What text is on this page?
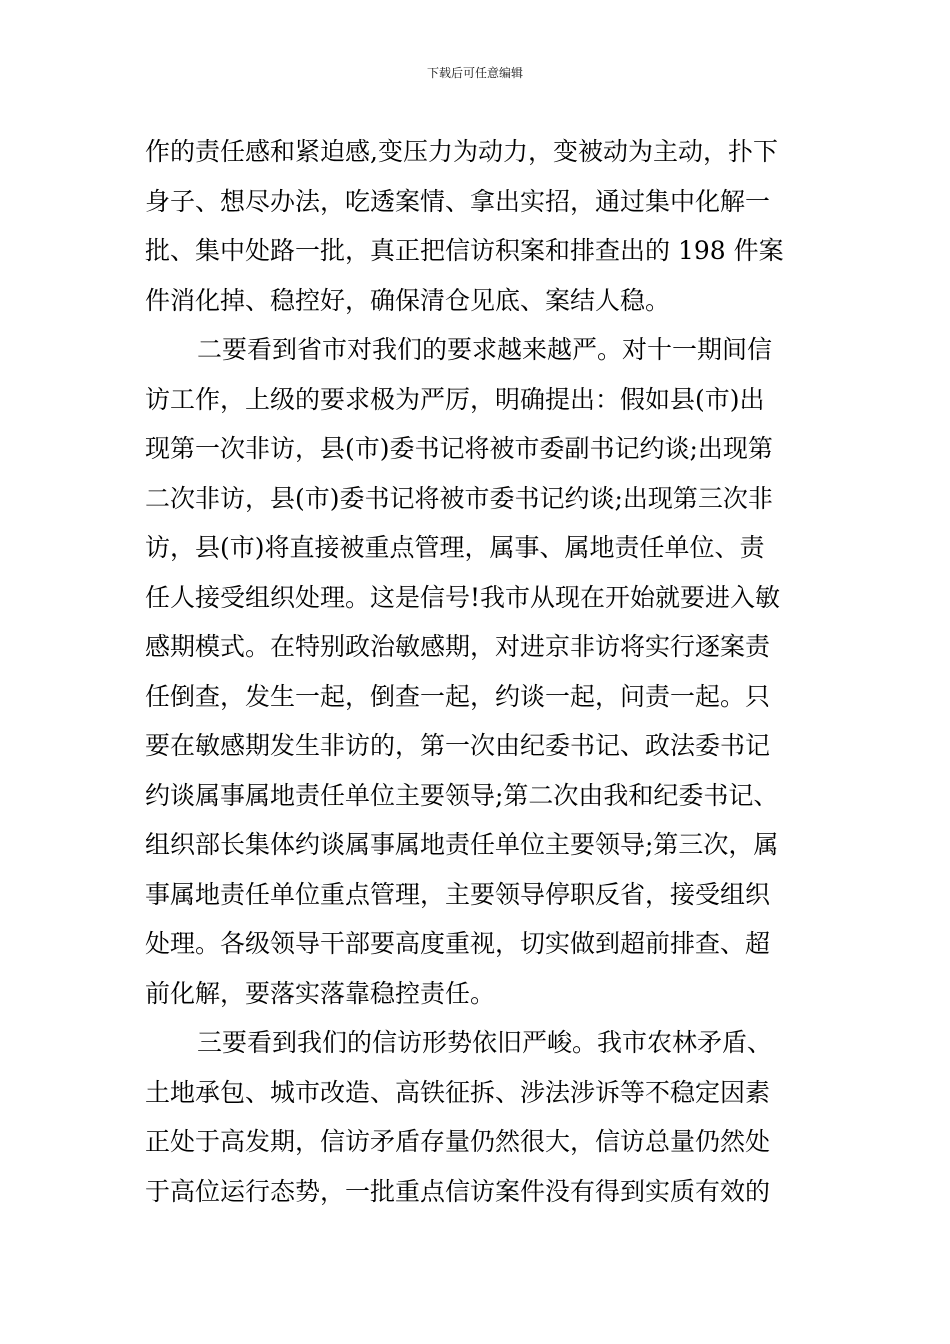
下载后可任意编辑
作的责任感和紧迫感,变压力为动力，变被动为主动，扑下
身子、想尽办法，吃透案情、拿出实招，通过集中化解一
批、集中处路一批，真正把信访积案和排查出的 198 件案
件消化掉、稳控好，确保清仓见底、案结人稳。
二要看到省市对我们的要求越来越严。对十一期间信
访工作，上级的要求极为严厉，明确提出：假如县(市)出
现第一次非访，县(市)委书记将被市委副书记约谈;出现第
二次非访，县(市)委书记将被市委书记约谈;出现第三次非
访，县(市)将直接被重点管理，属事、属地责任单位、责
任人接受组织处理。这是信号!我市从现在开始就要进入敏
感期模式。在特别政治敏感期，对进京非访将实行逐案责
任倒查，发生一起，倒查一起，约谈一起，问责一起。只
要在敏感期发生非访的，第一次由纪委书记、政法委书记
约谈属事属地责任单位主要领导;第二次由我和纪委书记、
组织部长集体约谈属事属地责任单位主要领导;第三次，属
事属地责任单位重点管理，主要领导停职反省，接受组织
处理。各级领导干部要高度重视，切实做到超前排查、超
前化解，要落实落靠稳控责任。
三要看到我们的信访形势依旧严峻。我市农林矛盾、
土地承包、城市改造、高铁征拆、涉法涉诉等不稳定因素
正处于高发期，信访矛盾存量仍然很大，信访总量仍然处
于高位运行态势，一批重点信访案件没有得到实质有效的
